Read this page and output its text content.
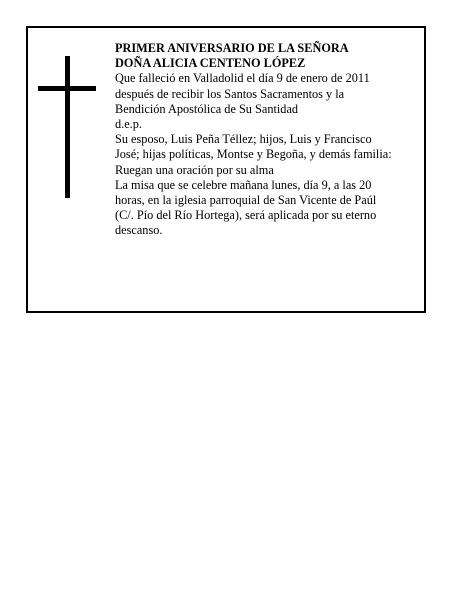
PRIMER ANIVERSARIO DE LA SEÑORA
DOÑA ALICIA CENTENO LÓPEZ
Que falleció en Valladolid el día 9 de enero de 2011
después de recibir los Santos Sacramentos y la
Bendición Apostólica de Su Santidad
d.e.p.
Su esposo, Luis Peña Téllez; hijos, Luis y Francisco
José; hijas políticas, Montse y Begoña, y demás familia:
Ruegan una oración por su alma
La misa que se celebre mañana lunes, día 9, a las 20
horas, en la iglesia parroquial de San Vicente de Paúl
(C/. Pío del Río Hortega), será aplicada por su eterno
descanso.
